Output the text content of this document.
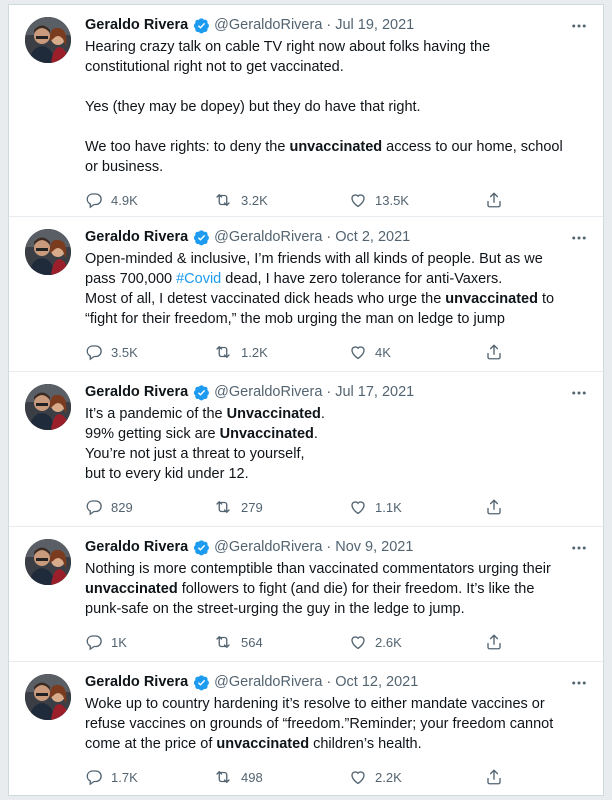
Geraldo Rivera @GeraldoRivera · Jul 19, 2021
Hearing crazy talk on cable TV right now about folks having the
constitutional right not to get vaccinated.

Yes (they may be dopey) but they do have that right.

We too have rights: to deny the unvaccinated access to our home, school
or business.
4.9K	3.2K	13.5K
Geraldo Rivera @GeraldoRivera · Oct 2, 2021
Open-minded & inclusive, I’m friends with all kinds of people. But as we
pass 700,000 #Covid dead, I have zero tolerance for anti-Vaxers.
Most of all, I detest vaccinated dick heads who urge the unvaccinated to
“fight for their freedom,” the mob urging the man on ledge to jump
3.5K	1.2K	4K
Geraldo Rivera @GeraldoRivera · Jul 17, 2021
It’s a pandemic of the Unvaccinated.
99% getting sick are Unvaccinated.
You’re not just a threat to yourself,
but to every kid under 12.
829	279	1.1K
Geraldo Rivera @GeraldoRivera · Nov 9, 2021
Nothing is more contemptible than vaccinated commentators urging their
unvaccinated followers to fight (and die) for their freedom. It’s like the
punk-safe on the street-urging the guy in the ledge to jump.
1K	564	2.6K
Geraldo Rivera @GeraldoRivera · Oct 12, 2021
Woke up to country hardening it’s resolve to either mandate vaccines or
refuse vaccines on grounds of “freedom.”Reminder; your freedom cannot
come at the price of unvaccinated children’s health.
1.7K	498	2.2K
